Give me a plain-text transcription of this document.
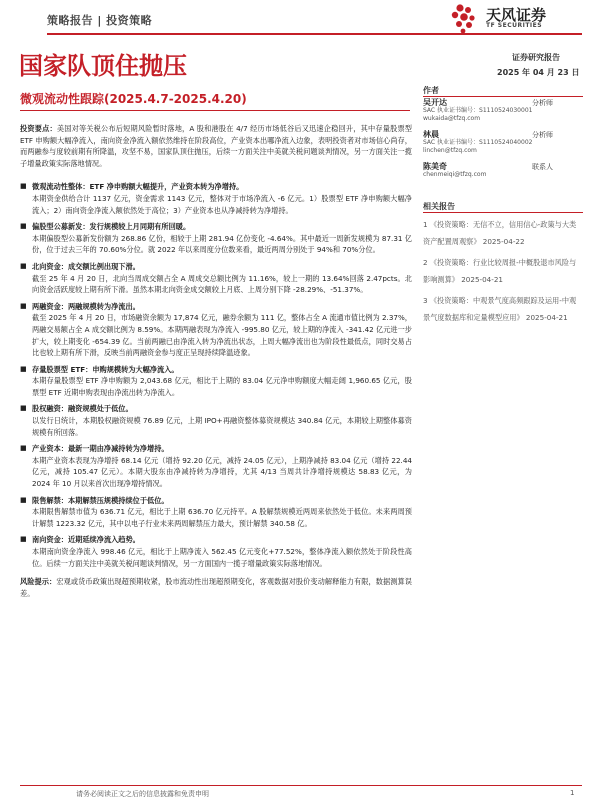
策略报告 | 投资策略	天风证券
TF SECURITIES
国家队顶住抛压	证券研究报告
2025 年 04 月 23 日
微观流动性跟踪(2025.4.7-2025.4.20)
作者
吴开达	分析师
SAC 执业证书编号：S1110524030001
wukaida@tfzq.com
林晨	分析师
SAC 执业证书编号：S1110524040002
linchen@tfzq.com
陈美奇	联系人
chenmeiqi@tfzq.com
相关报告

1 《投资策略：无信不立，信用信心-政策与大类资产配置周观察》 2025-04-22

2 《投资策略：行业比较周报-中概股退市风险与影响测算》 2025-04-21

3 《投资策略：中观景气度高频跟踪及运用-中观景气度数据库和定量模型应用》 2025-04-21

投资要点：美国对等关税公布后短期风险暂时落地，A 股和港股在 4/7 经历市场低谷后又迅速企稳回升，其中存量股票型 ETF 申购额大幅净流入，南向资金净流入额依然维持在阶段高位，产业资本出哪净流入边象，表明投资者对市场信心尚存，而两融参与度较前期有所降温，攻坚不易，国家队顶住抛压，后续一方面关注中美就关税问题谈判情况，另一方面关注一揽子增量政策实际落地情况。

■ 微观流动性整体：ETF 净申购额大幅提升，产业资本转为净增持。

本期资金供给合计 1137 亿元，资金需求 1143 亿元，整体对于市场净流入 -6 亿元。1）股票型 ETF 净申购额大幅净流入；2）南向资金净流入额依然处于高位；3）产业资本也从净减持转为净增持。

■ 偏股型公募新发：发行规模较上月同期有所回暖。

本期偏股型公募新发份额为 268.86 亿份，相较于上期 281.94 亿份变化 -4.64%。其中最近一周新发规模为 87.31 亿份，位于过去三年的 70.60%分位。就 2022 年以来周度分位数来看，最近两周分别处于 94%和 70%分位。

■ 北向资金：成交额比例出现下滑。

截至 25 年 4 月 20 日，北向当周成交额占全 A 周成交总额比例为 11.16%，较上一期的 13.64%回落 2.47pcts。北向资金活跃度较上期有所下滑。虽然本期北向资金成交额较上月底、上周分别下降 -28.29%、-51.37%。

■ 两融资金：两融规模转为净流出。

截至 2025 年 4 月 20 日，市场融资余额为 17,874 亿元，融券余额为 111 亿，整体占全 A 流通市值比例为 2.37%，两融交易额占全 A 成交额比例为 8.59%。本期两融表现为净流入 -995.80 亿元，较上期的净流入 -341.42 亿元进一步扩大，较上期变化 -654.39 亿。当前两融已由净流入转为净流出状态，上周大幅净流出也为阶段性最低点，同时交易占比也较上期有所下滑，反映当前两融资金参与度正呈现持续降温迹象。

■ 存量股票型 ETF：申购规模转为大幅净流入。

本期存量股票型 ETF 净申购额为 2,043.68 亿元，相比于上期的 83.04 亿元净申购额度大幅走阔 1,960.65 亿元，股票型 ETF 近期申购表现由净流出转为净流入。

■ 股权融资：融资规模处于低位。

以发行日统计，本期股权融资规模 76.89 亿元，上期 IPO+再融资整体募资规模达 340.84 亿元，本期较上期整体募资规模有所回落。

■ 产业资本：最新一期由净减持转为净增持。

本期产业资本表现为净增持 68.14 亿元（增持 92.20 亿元，减持 24.05 亿元），上期净减持 83.04 亿元（增持 22.44 亿元，减持 105.47 亿元）。本期大股东由净减持转为净增持，尤其 4/13 当周共计净增持规模达 58.83 亿元，为 2024 年 10 月以来首次出现净增持情况。

■ 限售解禁：本期解禁压规模持续位于低位。

本期限售解禁市值为 636.71 亿元，相比于上期 636.70 亿元持平。A 股解禁规模近两周来依然处于低位。未来两周预计解禁 1223.32 亿元，其中以电子行业未来两周解禁压力最大，预计解禁 340.58 亿。

■ 南向资金：近期延续净流入趋势。

本期南向资金净流入 998.46 亿元，相比于上期净流入 562.45 亿元变化+77.52%，整体净流入额依然处于阶段性高位。后续一方面关注中美就关税问题谈判情况，另一方面国内一揽子增量政策实际落地情况。

风险提示：宏观或货币政策出现超预期收紧，股市流动性出现超预期变化，客观数据对股价变动解释能力有限，数据测算误差。

请务必阅读正文之后的信息披露和免责申明	1
